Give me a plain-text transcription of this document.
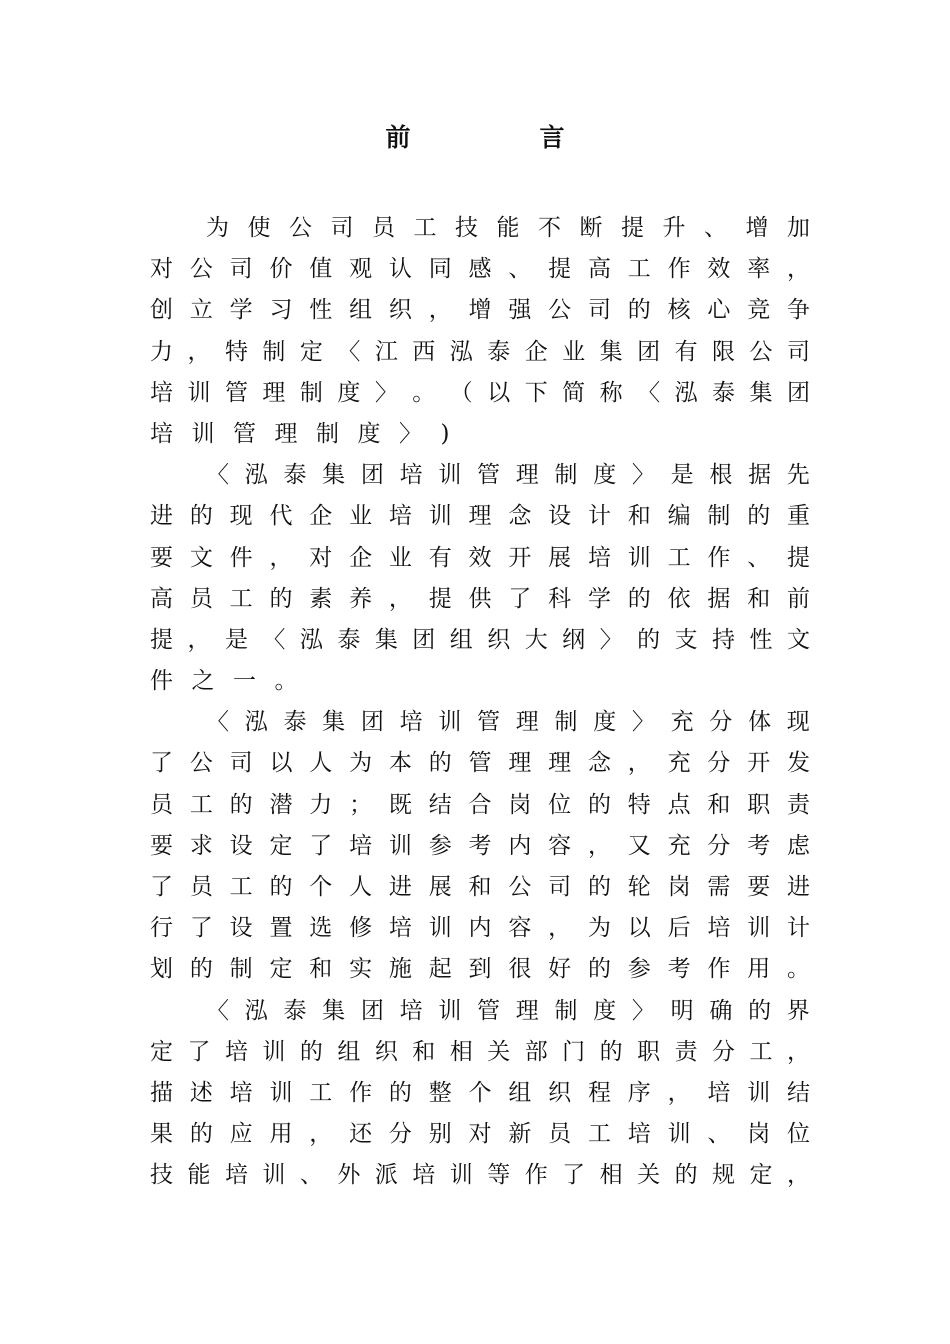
前　言
为 使 公 司 员 工 技 能 不 断 提 升 、 增 加
对 公 司 价 值 观 认 同 感 、 提 高 工 作 效 率 ，
创 立 学 习 性 组 织 ， 增 强 公 司 的 核 心 竞 争
力 ， 特 制 定 〈 江 西 泓 泰 企 业 集 团 有 限 公 司
培 训 管 理 制 度 〉 。 （ 以 下 简 称 〈 泓 泰 集 团
培 训 管 理 制 度 〉 )
〈 泓 泰 集 团 培 训 管 理 制 度 〉 是 根 据 先
进 的 现 代 企 业 培 训 理 念 设 计 和 编 制 的 重
要 文 件 ， 对 企 业 有 效 开 展 培 训 工 作 、 提
高 员 工 的 素 养 ， 提 供 了 科 学 的 依 据 和 前
提 ， 是 〈 泓 泰 集 团 组 织 大 纲 〉 的 支 持 性 文
件 之 一 。
〈 泓 泰 集 团 培 训 管 理 制 度 〉 充 分 体 现
了 公 司 以 人 为 本 的 管 理 理 念 ， 充 分 开 发
员 工 的 潜 力 ； 既 结 合 岗 位 的 特 点 和 职 责
要 求 设 定 了 培 训 参 考 内 容 ， 又 充 分 考 虑
了 员 工 的 个 人 进 展 和 公 司 的 轮 岗 需 要 进
行 了 设 置 选 修 培 训 内 容 ， 为 以 后 培 训 计
划 的 制 定 和 实 施 起 到 很 好 的 参 考 作 用 。
〈 泓 泰 集 团 培 训 管 理 制 度 〉 明 确 的 界
定 了 培 训 的 组 织 和 相 关 部 门 的 职 责 分 工 ，
描 述 培 训 工 作 的 整 个 组 织 程 序 ， 培 训 结
果 的 应 用 ， 还 分 别 对 新 员 工 培 训 、 岗 位
技 能 培 训 、 外 派 培 训 等 作 了 相 关 的 规 定 ，
